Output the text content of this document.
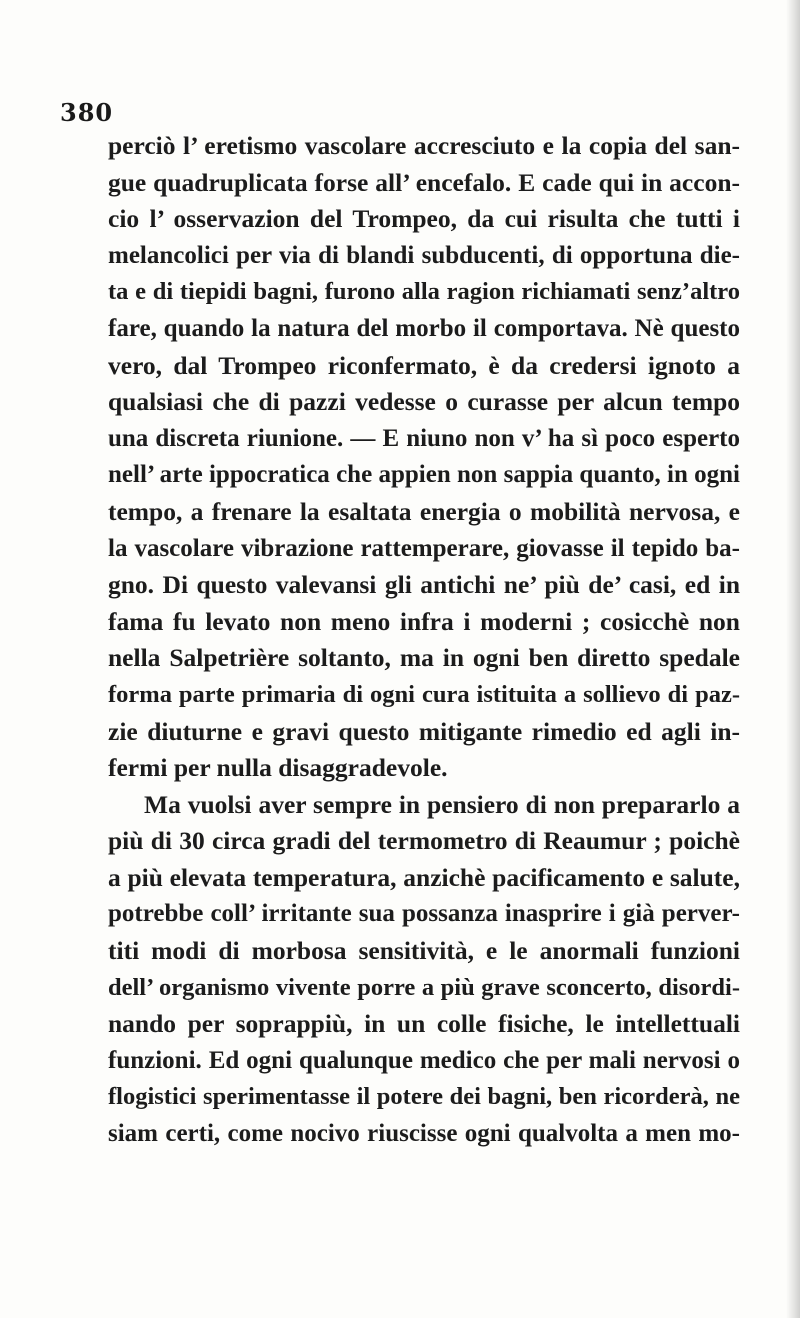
380
perciò l’ eretismo vascolare accresciuto e la copia del san-
gue quadruplicata forse all’ encefalo. E cade qui in accon-
cio l’ osservazion del Trompeo, da cui risulta che tutti i
melancolici per via di blandi subducenti, di opportuna die-
ta e di tiepidi bagni, furono alla ragion richiamati senz’altro
fare, quando la natura del morbo il comportava. Nè questo
vero, dal Trompeo riconfermato, è da credersi ignoto a
qualsiasi che di pazzi vedesse o curasse per alcun tempo
una discreta riunione. — E niuno non v’ ha sì poco esperto
nell’ arte ippocratica che appien non sappia quanto, in ogni
tempo, a frenare la esaltata energia o mobilità nervosa, e
la vascolare vibrazione rattemperare, giovasse il tepido ba-
gno. Di questo valevansi gli antichi ne’ più de’ casi, ed in
fama fu levato non meno infra i moderni ; cosicchè non
nella Salpetrière soltanto, ma in ogni ben diretto spedale
forma parte primaria di ogni cura istituita a sollievo di paz-
zie diuturne e gravi questo mitigante rimedio ed agli in-
fermi per nulla disaggradevole.
Ma vuolsi aver sempre in pensiero di non prepararlo a
più di 30 circa gradi del termometro di Reaumur ; poichè
a più elevata temperatura, anzichè pacificamento e salute,
potrebbe coll’ irritante sua possanza inasprire i già perver-
titi modi di morbosa sensitività, e le anormali funzioni
dell’ organismo vivente porre a più grave sconcerto, disordi-
nando per soprappiù, in un colle fisiche, le intellettuali
funzioni. Ed ogni qualunque medico che per mali nervosi o
flogistici sperimentasse il potere dei bagni, ben ricorderà, ne
siam certi, come nocivo riuscisse ogni qualvolta a men mo-
